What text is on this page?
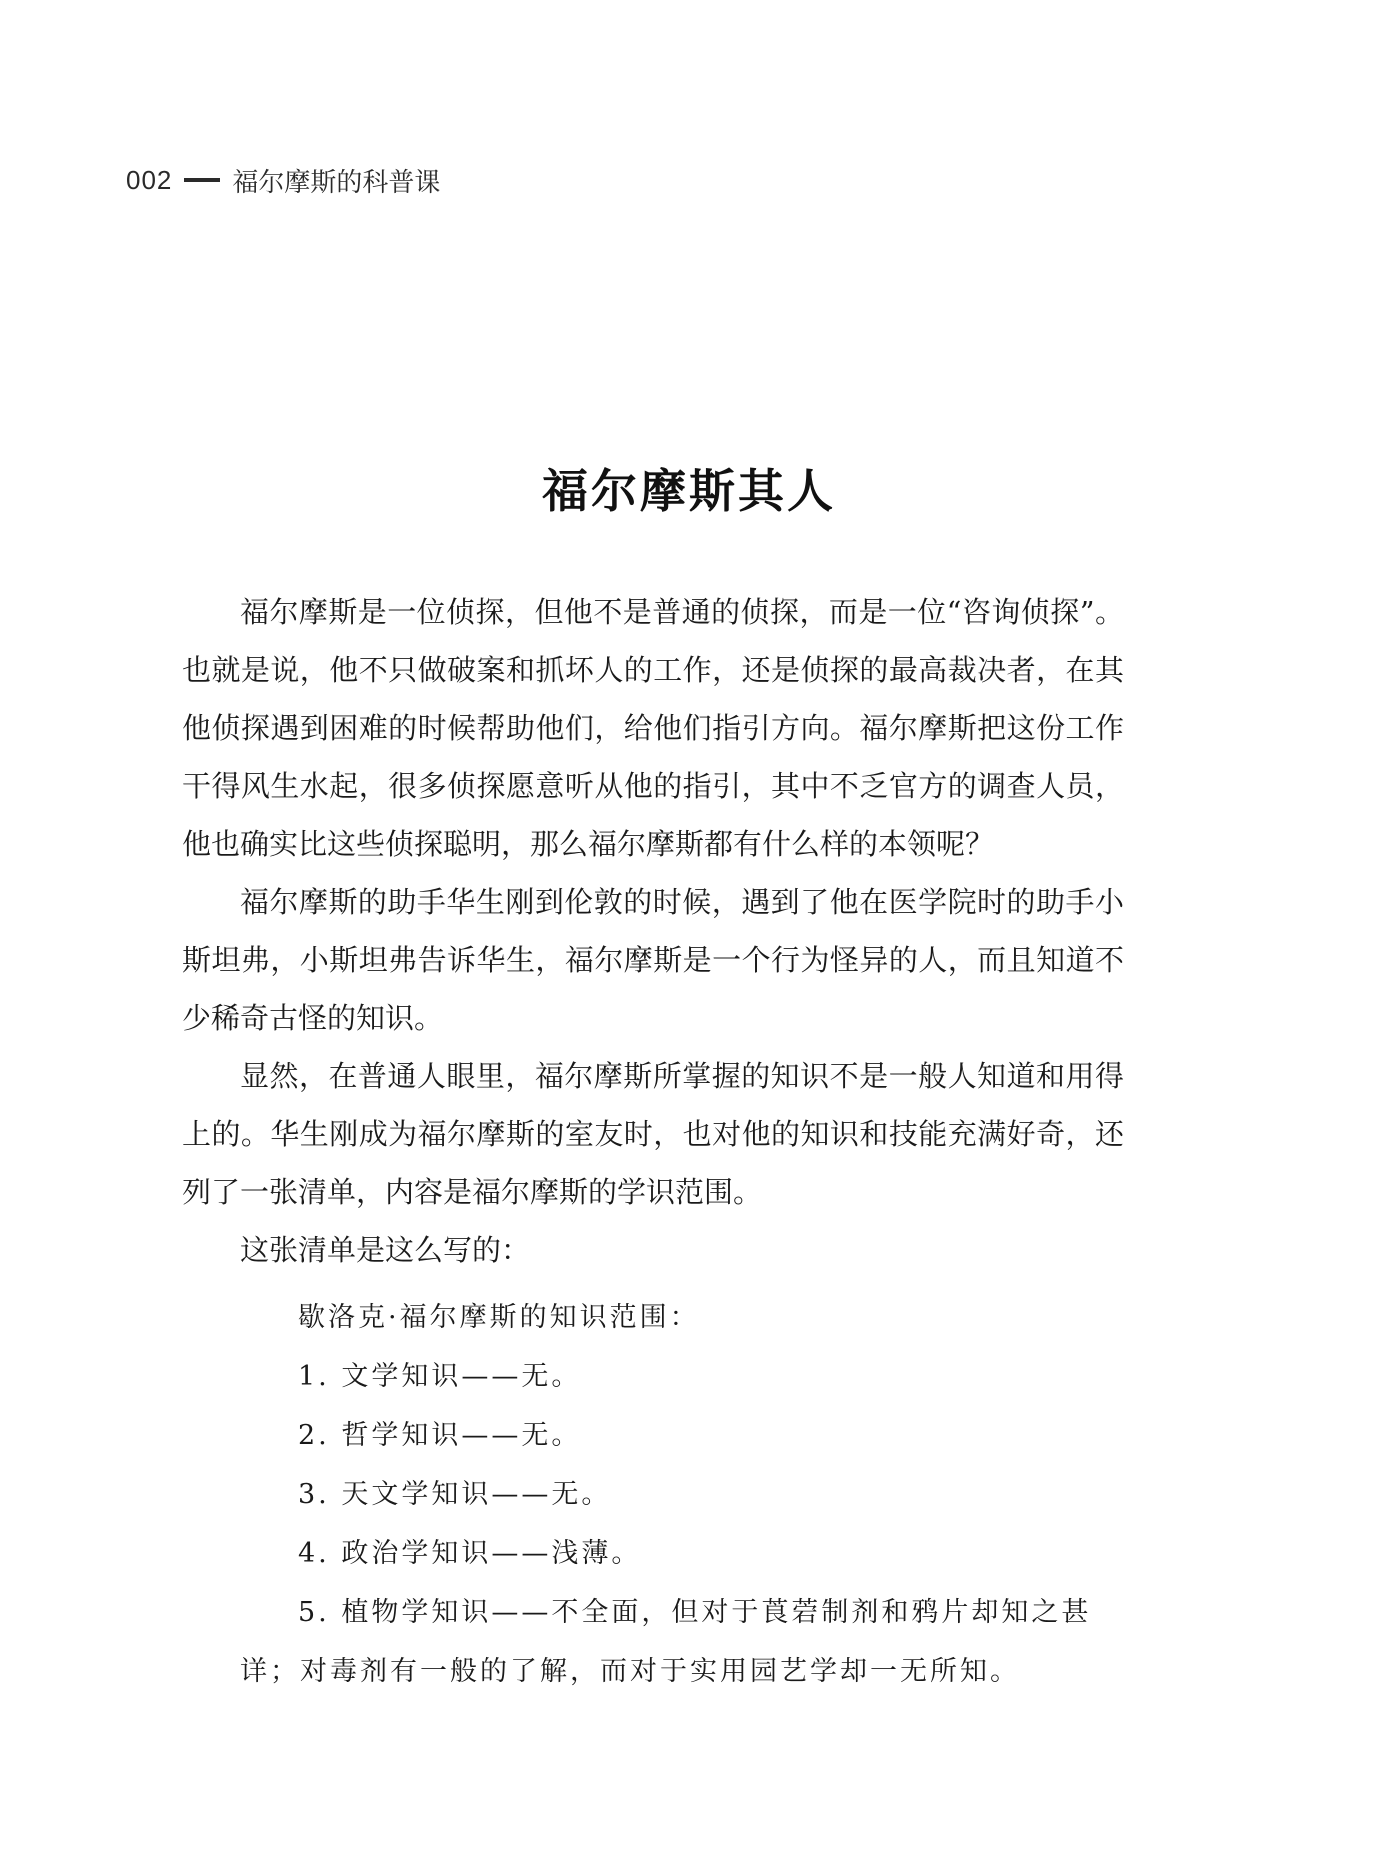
002 福尔摩斯的科普课
福尔摩斯其人

福尔摩斯是一位侦探，但他不是普通的侦探，而是一位“咨询侦探”。也就是说，他不只做破案和抓坏人的工作，还是侦探的最高裁决者，在其他侦探遇到困难的时候帮助他们，给他们指引方向。福尔摩斯把这份工作干得风生水起，很多侦探愿意听从他的指引，其中不乏官方的调查人员，他也确实比这些侦探聪明，那么福尔摩斯都有什么样的本领呢？

福尔摩斯的助手华生刚到伦敦的时候，遇到了他在医学院时的助手小斯坦弗，小斯坦弗告诉华生，福尔摩斯是一个行为怪异的人，而且知道不少稀奇古怪的知识。

显然，在普通人眼里，福尔摩斯所掌握的知识不是一般人知道和用得上的。华生刚成为福尔摩斯的室友时，也对他的知识和技能充满好奇，还列了一张清单，内容是福尔摩斯的学识范围。

这张清单是这么写的：

歇洛克·福尔摩斯的知识范围：

1. 文学知识——无。

2. 哲学知识——无。

3. 天文学知识——无。

4. 政治学知识——浅薄。

5. 植物学知识——不全面，但对于莨菪制剂和鸦片却知之甚

详；对毒剂有一般的了解，而对于实用园艺学却一无所知。
